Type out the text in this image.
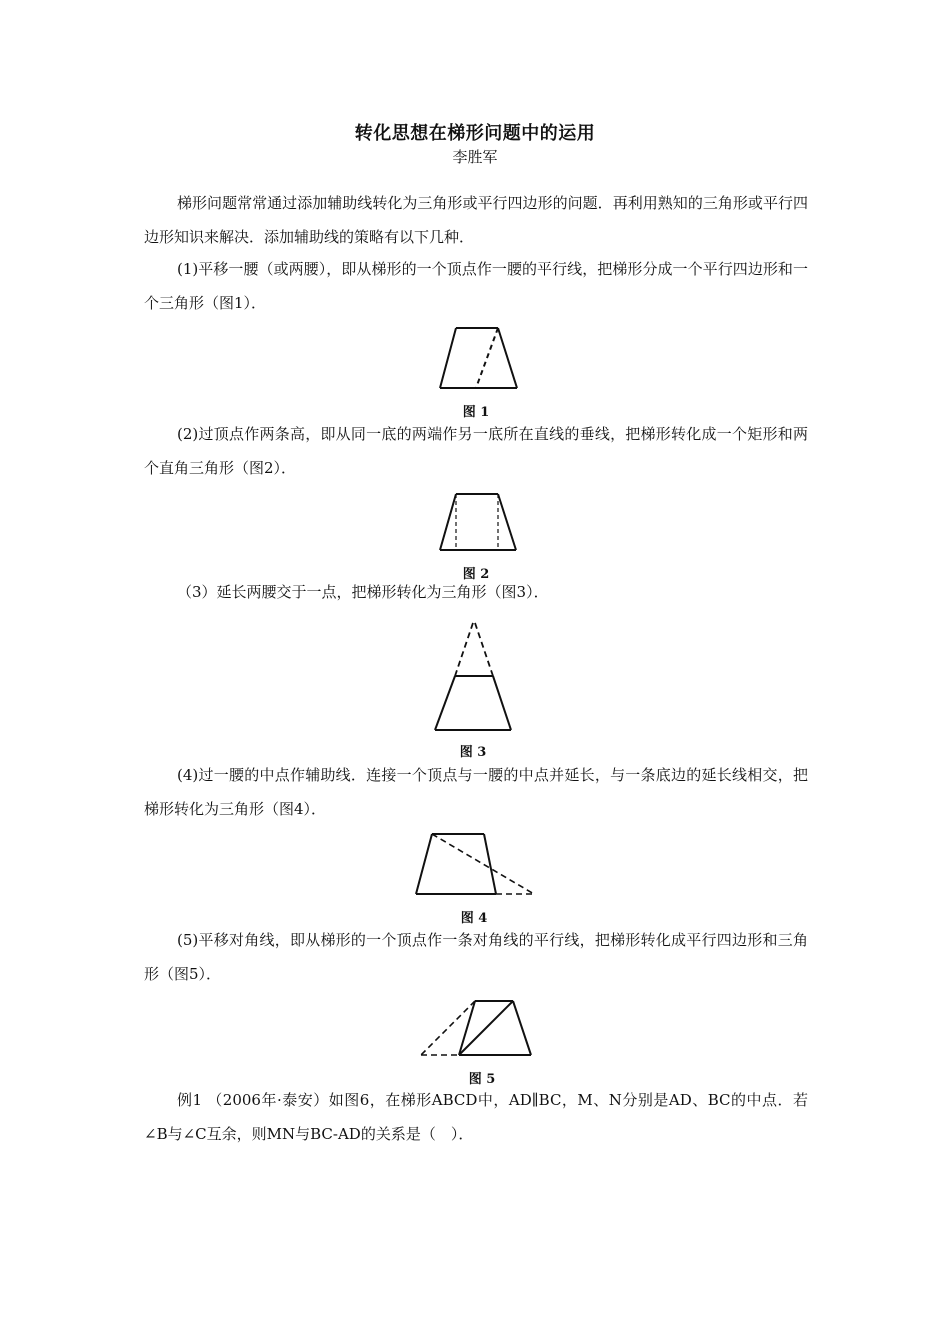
转化思想在梯形问题中的运用
李胜军

梯形问题常常通过添加辅助线转化为三角形或平行四边形的问题．再利用熟知的三角形或平行四边形知识来解决．添加辅助线的策略有以下几种．

(1)平移一腰（或两腰），即从梯形的一个顶点作一腰的平行线，把梯形分成一个平行四边形和一个三角形（图1）．

图 1

(2)过顶点作两条高，即从同一底的两端作另一底所在直线的垂线，把梯形转化成一个矩形和两个直角三角形（图2）．

图 2

（3）延长两腰交于一点，把梯形转化为三角形（图3）．

图 3

(4)过一腰的中点作辅助线．连接一个顶点与一腰的中点并延长，与一条底边的延长线相交，把梯形转化为三角形（图4）．

图 4

(5)平移对角线，即从梯形的一个顶点作一条对角线的平行线，把梯形转化成平行四边形和三角形（图5）．

图 5

例1 （2006年·泰安）如图6，在梯形ABCD中，AD∥BC，M、N分别是AD、BC的中点．若∠B与∠C互余，则MN与BC-AD的关系是（　）．
